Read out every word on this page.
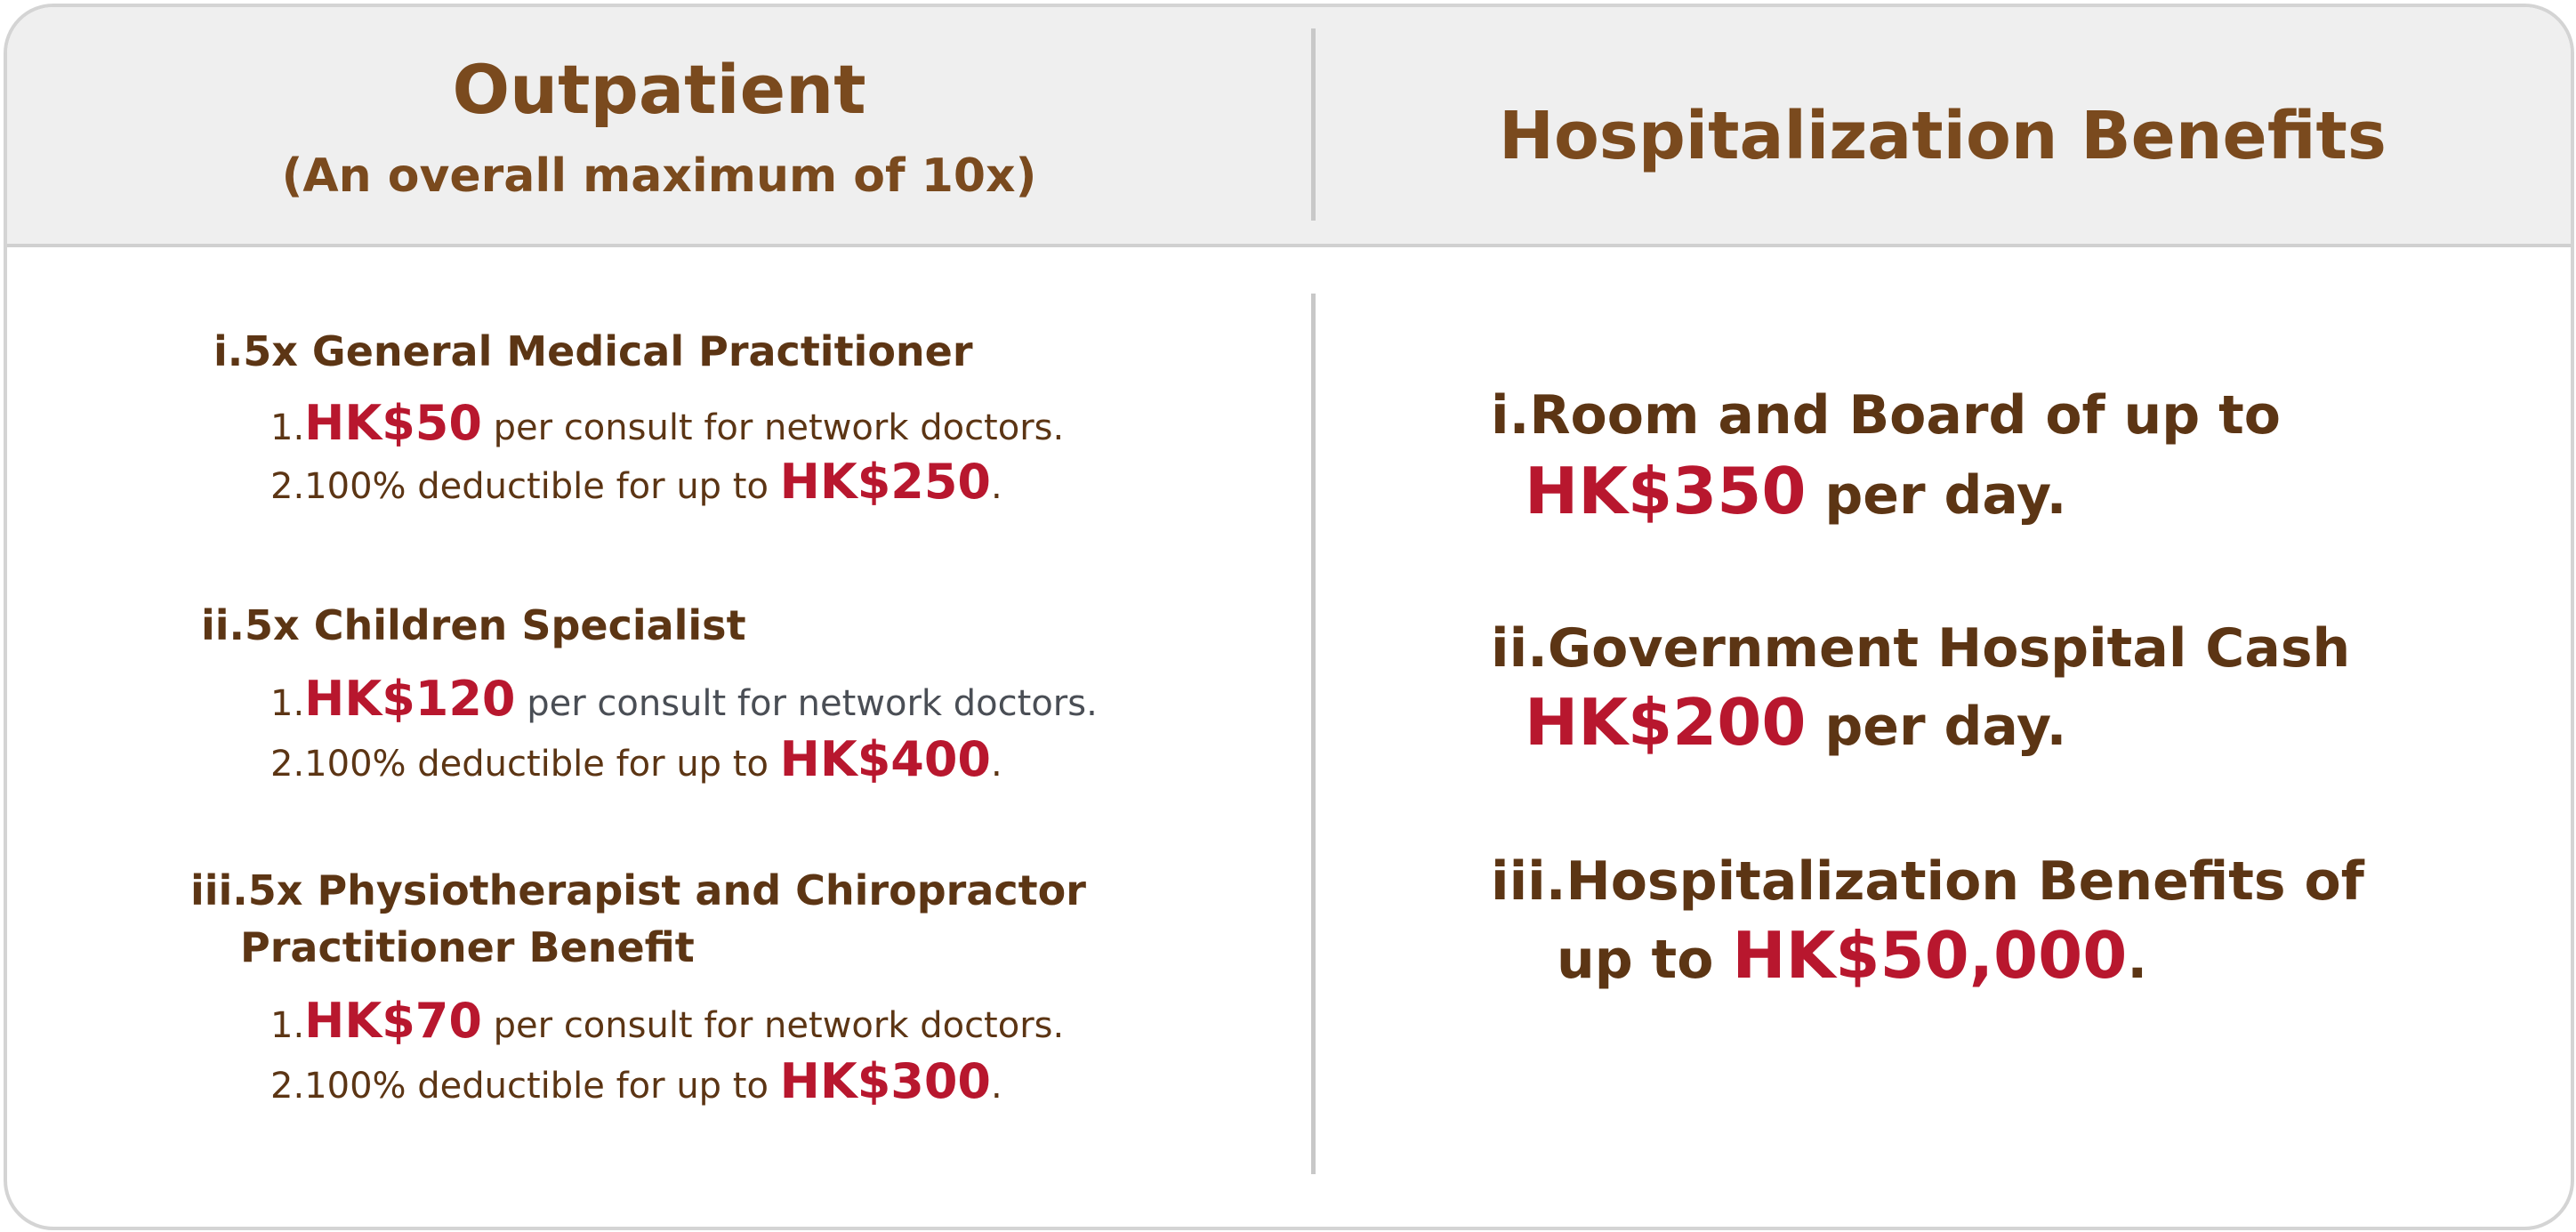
Outpatient
(An overall maximum of 10x)
Hospitalization Benefits
i.5x General Medical Practitioner
1.HK$50 per consult for network doctors.
2.100% deductible for up to HK$250.
ii.5x Children Specialist
1.HK$120 per consult for network doctors.
2.100% deductible for up to HK$400.
iii.5x Physiotherapist and Chiropractor
Practitioner Benefit
1.HK$70 per consult for network doctors.
2.100% deductible for up to HK$300.
i.Room and Board of up to
HK$350 per day.
ii.Government Hospital Cash
HK$200 per day.
iii.Hospitalization Benefits of
up to HK$50,000.
